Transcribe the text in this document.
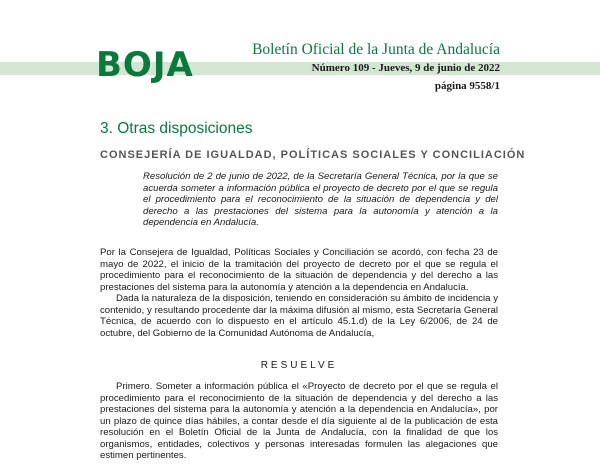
BOJA	Boletín Oficial de la Junta de Andalucía
Número 109 - Jueves, 9 de junio de 2022
página 9558/1
3. Otras disposiciones
CONSEJERÍA DE IGUALDAD, POLÍTICAS SOCIALES Y CONCILIACIÓN
Resolución de 2 de junio de 2022, de la Secretaría General Técnica, por la que se acuerda someter a información pública el proyecto de decreto por el que se regula el procedimiento para el reconocimiento de la situación de dependencia y del derecho a las prestaciones del sistema para la autonomía y atención a la dependencia en Andalucía.

Por la Consejera de Igualdad, Políticas Sociales y Conciliación se acordó, con fecha 23 de mayo de 2022, el inicio de la tramitación del proyecto de decreto por el que se regula el procedimiento para el reconocimiento de la situación de dependencia y del derecho a las prestaciones del sistema para la autonomía y atención a la dependencia en Andalucía.

Dada la naturaleza de la disposición, teniendo en consideración su ámbito de incidencia y contenido, y resultando procedente dar la máxima difusión al mismo, esta Secretaría General Técnica, de acuerdo con lo dispuesto en el artículo 45.1.d) de la Ley 6/2006, de 24 de octubre, del Gobierno de la Comunidad Autónoma de Andalucía,

RESUELVE

Primero. Someter a información pública el «Proyecto de decreto por el que se regula el procedimiento para el reconocimiento de la situación de dependencia y del derecho a las prestaciones del sistema para la autonomía y atención a la dependencia en Andalucía», por un plazo de quince días hábiles, a contar desde el día siguiente al de la publicación de esta resolución en el Boletín Oficial de la Junta de Andalucía, con la finalidad de que los organismos, entidades, colectivos y personas interesadas formulen las alegaciones que estimen pertinentes.
